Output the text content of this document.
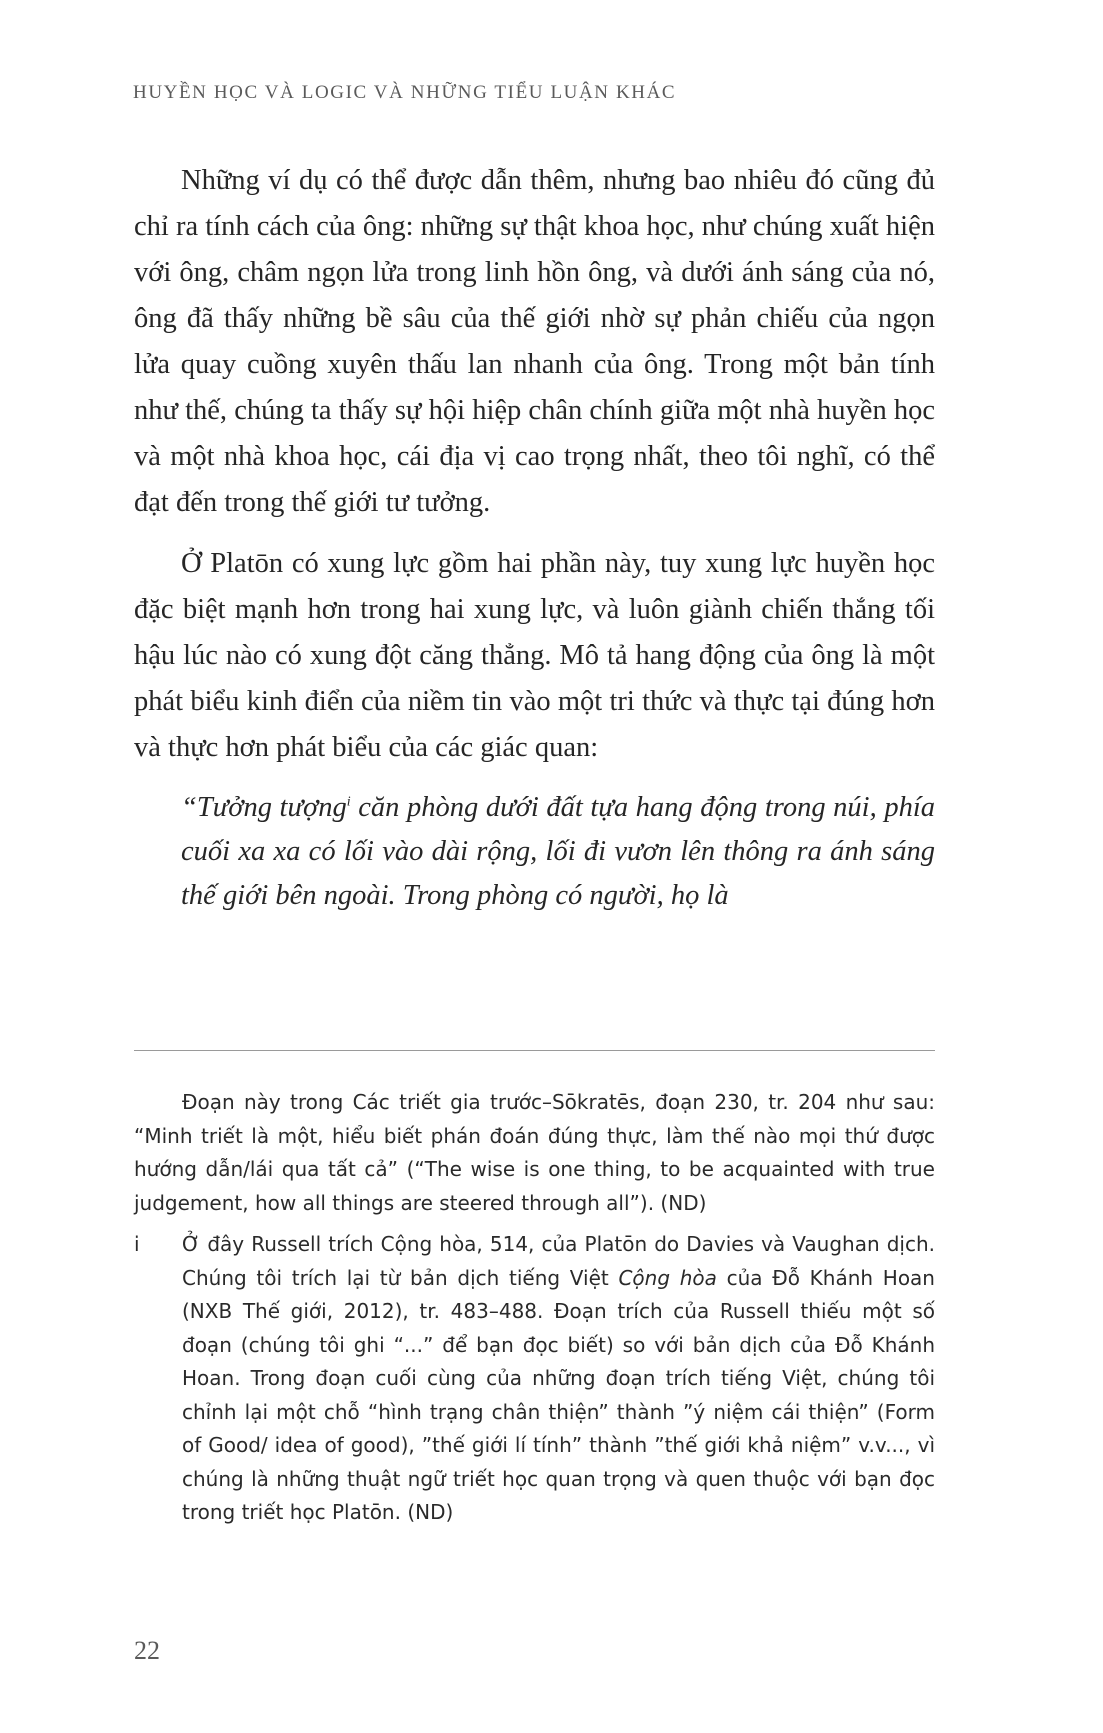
HUYỀN HỌC VÀ LOGIC VÀ NHỮNG TIỂU LUẬN KHÁC

Những ví dụ có thể được dẫn thêm, nhưng bao nhiêu đó cũng đủ chỉ ra tính cách của ông: những sự thật khoa học, như chúng xuất hiện với ông, châm ngọn lửa trong linh hồn ông, và dưới ánh sáng của nó, ông đã thấy những bề sâu của thế giới nhờ sự phản chiếu của ngọn lửa quay cuồng xuyên thấu lan nhanh của ông. Trong một bản tính như thế, chúng ta thấy sự hội hiệp chân chính giữa một nhà huyền học và một nhà khoa học, cái địa vị cao trọng nhất, theo tôi nghĩ, có thể đạt đến trong thế giới tư tưởng.

Ở Platōn có xung lực gồm hai phần này, tuy xung lực huyền học đặc biệt mạnh hơn trong hai xung lực, và luôn giành chiến thắng tối hậu lúc nào có xung đột căng thẳng. Mô tả hang động của ông là một phát biểu kinh điển của niềm tin vào một tri thức và thực tại đúng hơn và thực hơn phát biểu của các giác quan:

“Tưởng tượng$^i$ căn phòng dưới đất tựa hang động trong núi, phía cuối xa xa có lối vào dài rộng, lối đi vươn lên thông ra ánh sáng thế giới bên ngoài. Trong phòng có người, họ là

Đoạn này trong Các triết gia trước–Sōkratēs, đoạn 230, tr. 204 như sau: “Minh triết là một, hiểu biết phán đoán đúng thực, làm thế nào mọi thứ được hướng dẫn/lái qua tất cả” (“The wise is one thing, to be acquainted with true judgement, how all things are steered through all”). (ND)
i	Ở đây Russell trích Cộng hòa, 514, của Platōn do Davies và Vaughan dịch. Chúng tôi trích lại từ bản dịch tiếng Việt Cộng hòa của Đỗ Khánh Hoan (NXB Thế giới, 2012), tr. 483–488. Đoạn trích của Russell thiếu một số đoạn (chúng tôi ghi “...” để bạn đọc biết) so với bản dịch của Đỗ Khánh Hoan. Trong đoạn cuối cùng của những đoạn trích tiếng Việt, chúng tôi chỉnh lại một chỗ “hình trạng chân thiện” thành ”ý niệm cái thiện” (Form of Good/ idea of good), ”thế giới lí tính” thành ”thế giới khả niệm” v.v..., vì chúng là những thuật ngữ triết học quan trọng và quen thuộc với bạn đọc trong triết học Platōn. (ND)
22
